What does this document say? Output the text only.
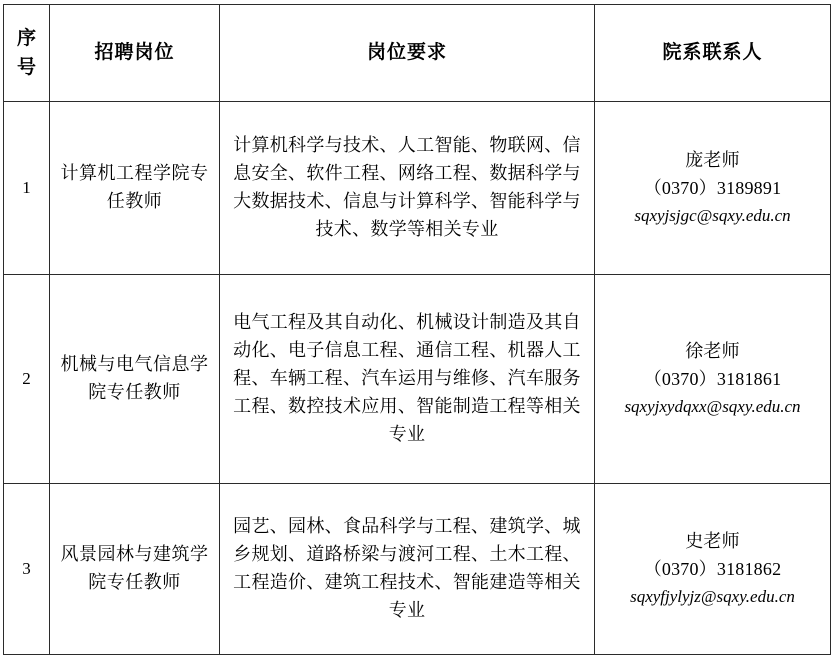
序
号	招聘岗位	岗位要求	院系联系人
1	计算机工程学院专任教师	计算机科学与技术、人工智能、物联网、信息安全、软件工程、网络工程、数据科学与大数据技术、信息与计算科学、智能科学与技术、数学等相关专业	庞老师
（0370）3189891
sqxyjsjgc@sqxy.edu.cn

2	机械与电气信息学院专任教师	电气工程及其自动化、机械设计制造及其自动化、电子信息工程、通信工程、机器人工程、车辆工程、汽车运用与维修、汽车服务工程、数控技术应用、智能制造工程等相关专业	徐老师
（0370）3181861
sqxyjxydqxx@sqxy.edu.cn

3	风景园林与建筑学院专任教师	园艺、园林、食品科学与工程、建筑学、城乡规划、道路桥梁与渡河工程、土木工程、工程造价、建筑工程技术、智能建造等相关专业	史老师
（0370）3181862
sqxyfjylyjz@sqxy.edu.cn
